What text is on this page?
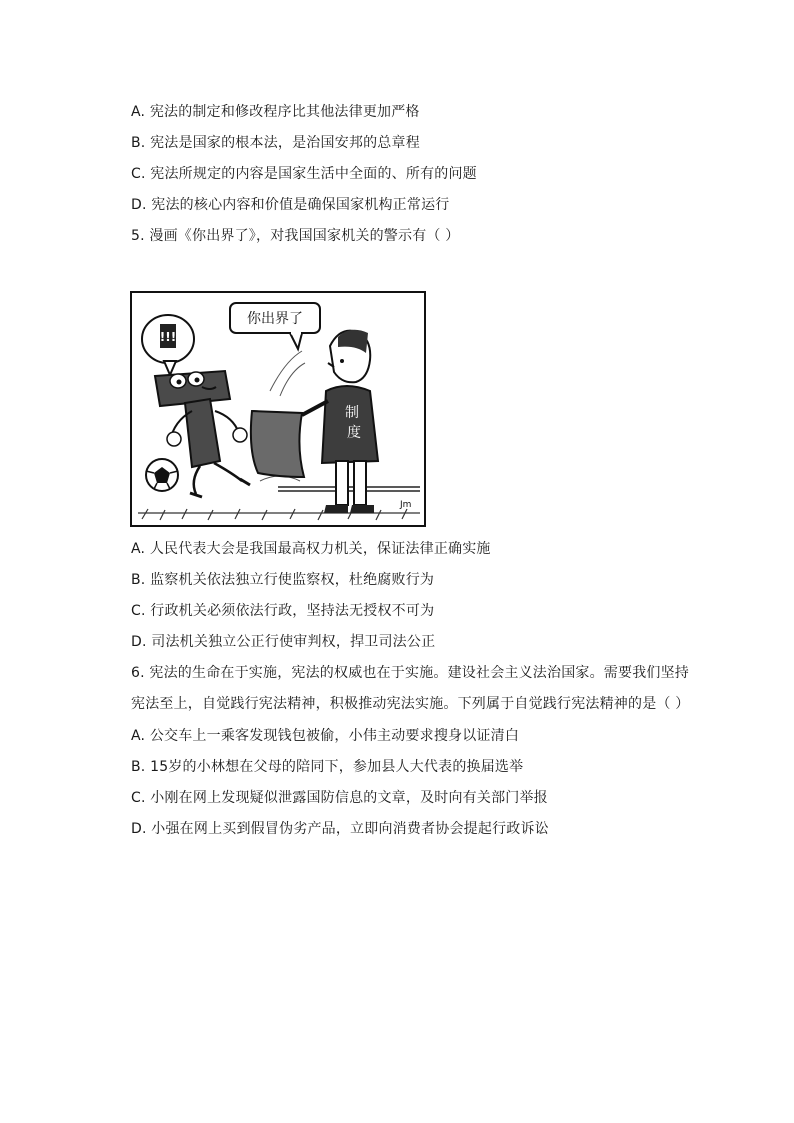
A. 宪法的制定和修改程序比其他法律更加严格
B. 宪法是国家的根本法，是治国安邦的总章程
C. 宪法所规定的内容是国家生活中全面的、所有的问题
D. 宪法的核心内容和价值是确保国家机构正常运行
5. 漫画《你出界了》，对我国国家机关的警示有（ ）
!!!
你出界了
制
度
Jm
A. 人民代表大会是我国最高权力机关，保证法律正确实施
B. 监察机关依法独立行使监察权，杜绝腐败行为
C. 行政机关必须依法行政，坚持法无授权不可为
D. 司法机关独立公正行使审判权，捍卫司法公正
6. 宪法的生命在于实施，宪法的权威也在于实施。建设社会主义法治国家。需要我们坚持
宪法至上，自觉践行宪法精神，积极推动宪法实施。下列属于自觉践行宪法精神的是（ ）
A. 公交车上一乘客发现钱包被偷，小伟主动要求搜身以证清白
B. 15岁的小林想在父母的陪同下，参加县人大代表的换届选举
C. 小刚在网上发现疑似泄露国防信息的文章，及时向有关部门举报
D. 小强在网上买到假冒伪劣产品，立即向消费者协会提起行政诉讼
